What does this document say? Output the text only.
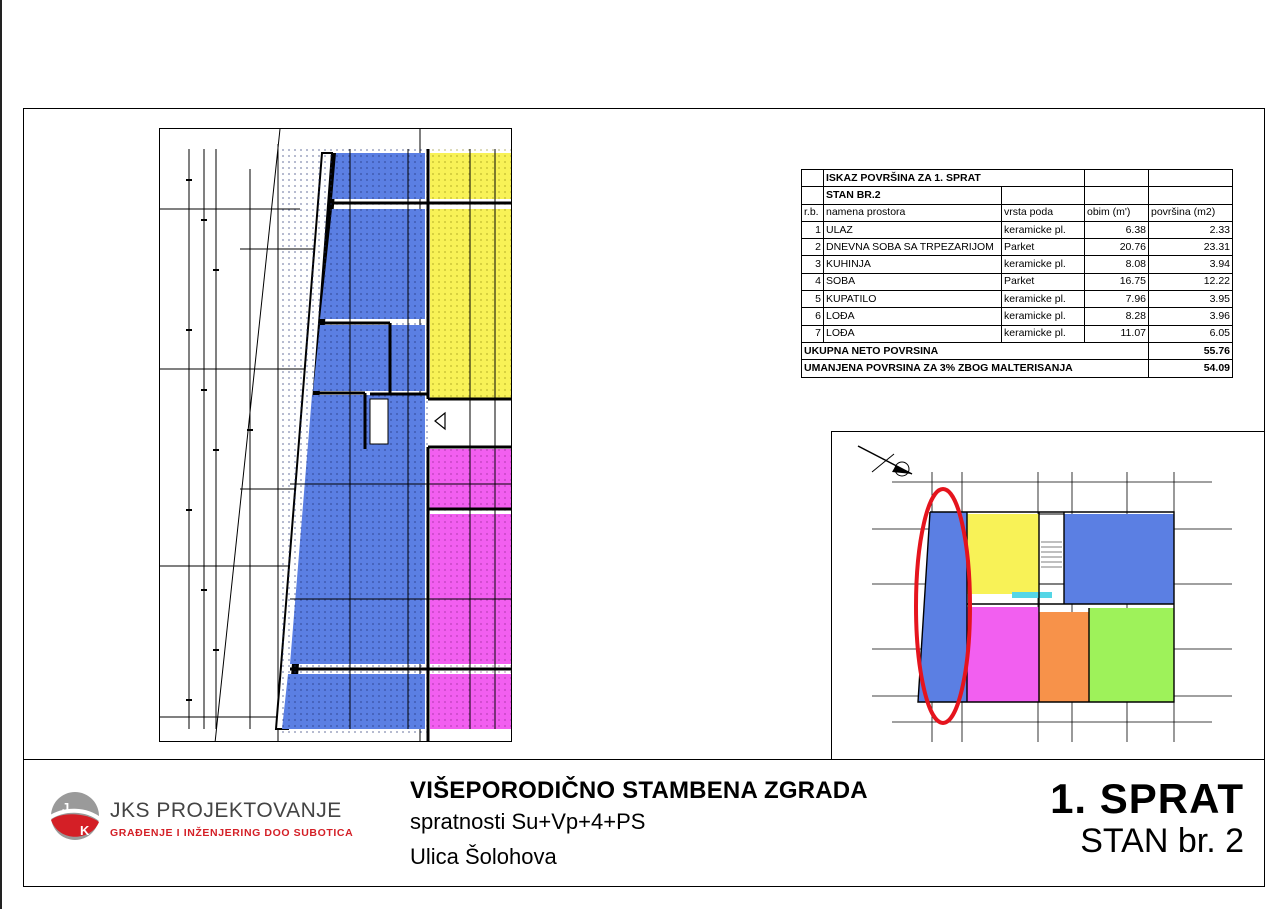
	ISKAZ POVRŠINA ZA 1. SPRAT			
	STAN BR.2			
r.b.	namena prostora	vrsta poda	obim (m')	površina (m2)
1	ULAZ	keramicke pl.	6.38	2.33
2	DNEVNA SOBA SA TRPEZARIJOM	Parket	20.76	23.31
3	KUHINJA	keramicke pl.	8.08	3.94
4	SOBA	Parket	16.75	12.22
5	KUPATILO	keramicke pl.	7.96	3.95
6	LOĐA	keramicke pl.	8.28	3.96
7	LOĐA	keramicke pl.	11.07	6.05
UKUPNA NETO POVRSINA				55.76
UMANJENA POVRSINA ZA 3% ZBOG MALTERISANJA				54.09
J
K
JKS PROJEKTOVANJE
GRAĐENJE I INŽENJERING DOO SUBOTICA
VIŠEPORODIČNO STAMBENA ZGRADA
spratnosti Su+Vp+4+PS
Ulica Šolohova
1. SPRAT
STAN br. 2
